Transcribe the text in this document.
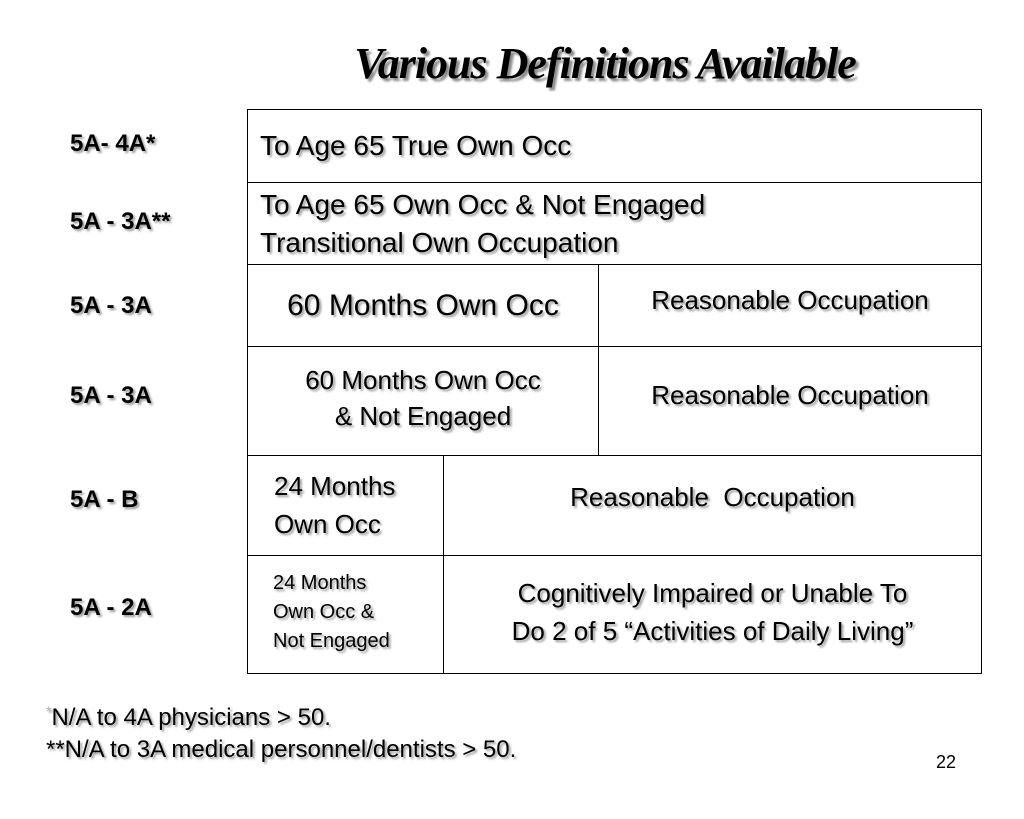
Various Definitions Available
5A- 4A*
5A - 3A**
5A - 3A
5A - 3A
5A - B
5A - 2A
To Age 65 True Own Occ
To Age 65 Own Occ & Not Engaged
Transitional Own Occupation
60 Months Own Occ	Reasonable Occupation
60 Months Own Occ
& Not Engaged
Reasonable Occupation
24 Months
Own Occ
Reasonable  Occupation
24 Months
Own Occ &
Not Engaged
Cognitively Impaired or Unable To
Do 2 of 5 “Activities of Daily Living”
*N/A to 4A physicians > 50.
**N/A to 3A medical personnel/dentists > 50.	22
